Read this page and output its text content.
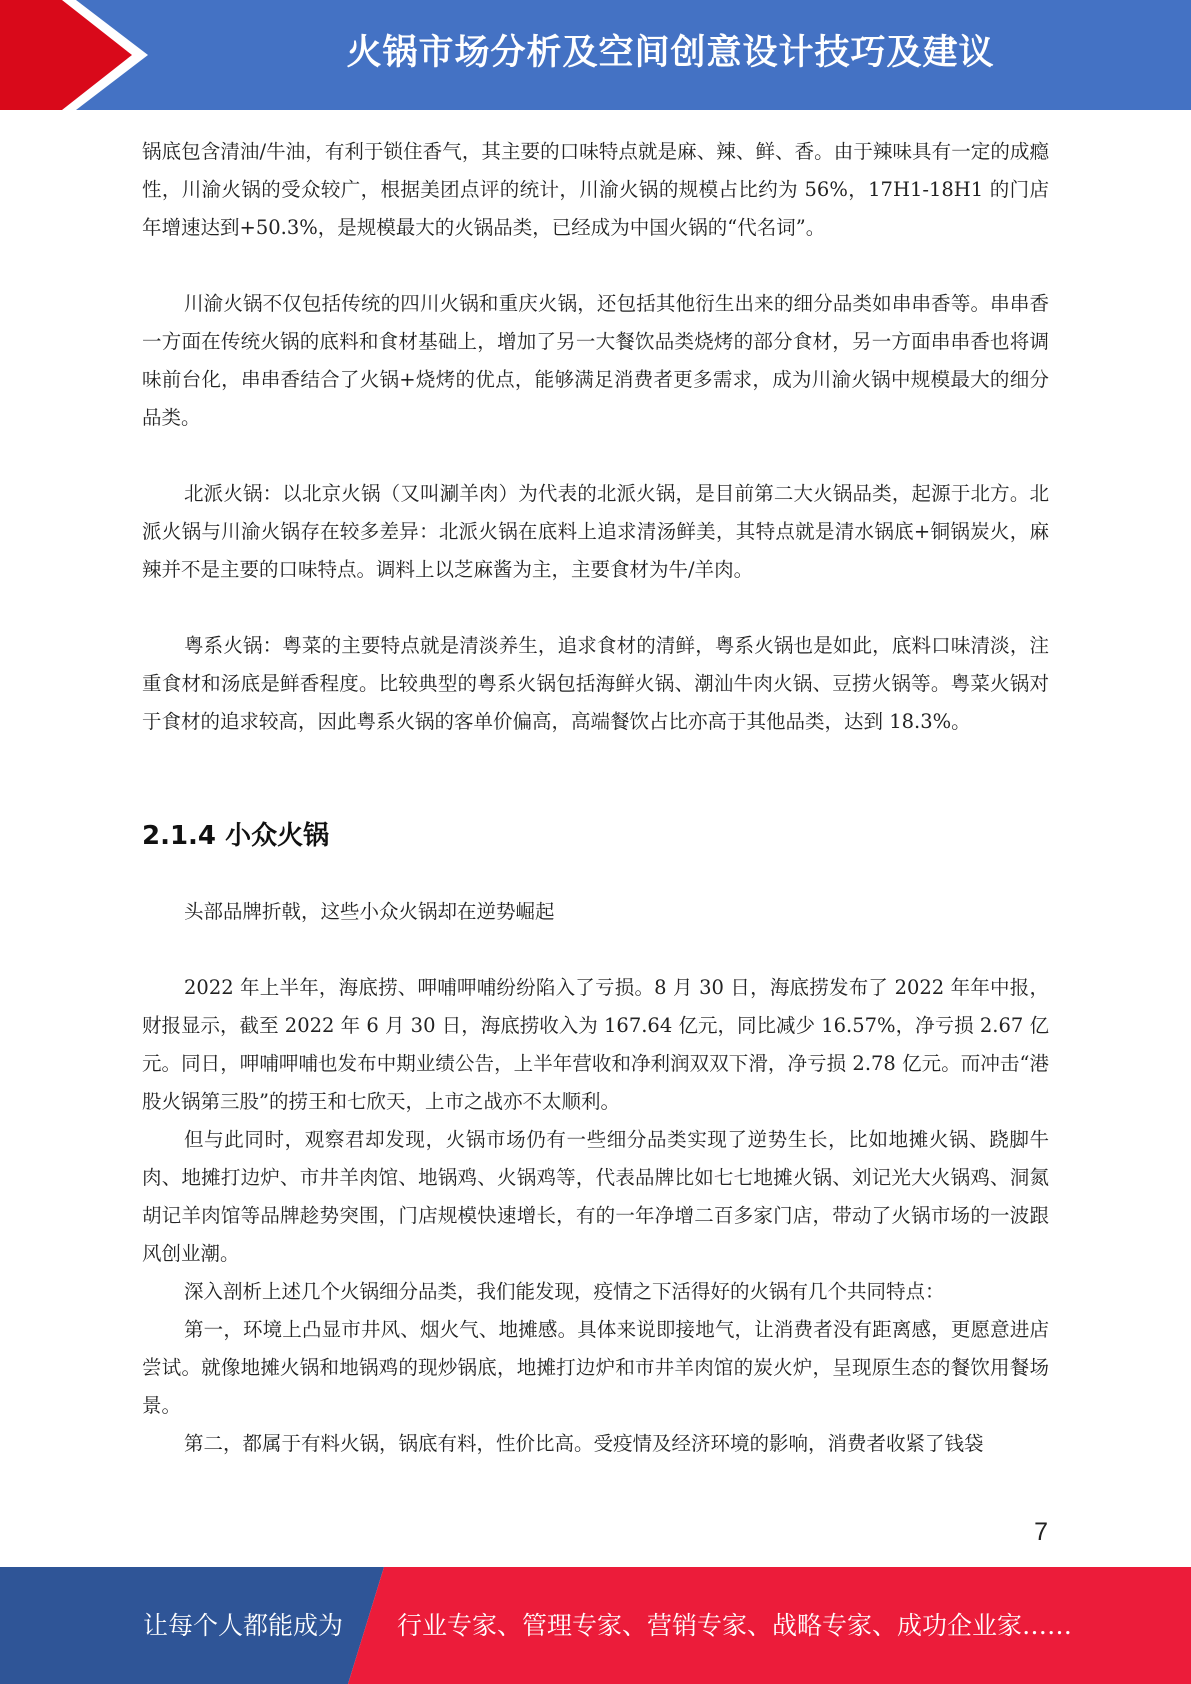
火锅市场分析及空间创意设计技巧及建议

锅底包含清油/牛油，有利于锁住香气，其主要的口味特点就是麻、辣、鲜、香。由于辣味具有一定的成瘾性，川渝火锅的受众较广，根据美团点评的统计，川渝火锅的规模占比约为 56%，17H1-18H1 的门店年增速达到+50.3%，是规模最大的火锅品类，已经成为中国火锅的“代名词”。

川渝火锅不仅包括传统的四川火锅和重庆火锅，还包括其他衍生出来的细分品类如串串香等。串串香一方面在传统火锅的底料和食材基础上，增加了另一大餐饮品类烧烤的部分食材，另一方面串串香也将调味前台化，串串香结合了火锅+烧烤的优点，能够满足消费者更多需求，成为川渝火锅中规模最大的细分品类。

北派火锅：以北京火锅（又叫涮羊肉）为代表的北派火锅，是目前第二大火锅品类，起源于北方。北派火锅与川渝火锅存在较多差异：北派火锅在底料上追求清汤鲜美，其特点就是清水锅底+铜锅炭火，麻辣并不是主要的口味特点。调料上以芝麻酱为主，主要食材为牛/羊肉。

粤系火锅：粤菜的主要特点就是清淡养生，追求食材的清鲜，粤系火锅也是如此，底料口味清淡，注重食材和汤底是鲜香程度。比较典型的粤系火锅包括海鲜火锅、潮汕牛肉火锅、豆捞火锅等。粤菜火锅对于食材的追求较高，因此粤系火锅的客单价偏高，高端餐饮占比亦高于其他品类，达到 18.3%。

2.1.4 小众火锅

头部品牌折戟，这些小众火锅却在逆势崛起

2022 年上半年，海底捞、呷哺呷哺纷纷陷入了亏损。8 月 30 日，海底捞发布了 2022 年年中报，财报显示，截至 2022 年 6 月 30 日，海底捞收入为 167.64 亿元，同比减少 16.57%，净亏损 2.67 亿元。同日，呷哺呷哺也发布中期业绩公告，上半年营收和净利润双双下滑，净亏损 2.78 亿元。而冲击“港股火锅第三股”的捞王和七欣天，上市之战亦不太顺利。

但与此同时，观察君却发现，火锅市场仍有一些细分品类实现了逆势生长，比如地摊火锅、跷脚牛肉、地摊打边炉、市井羊肉馆、地锅鸡、火锅鸡等，代表品牌比如七七地摊火锅、刘记光大火锅鸡、洞氮胡记羊肉馆等品牌趁势突围，门店规模快速增长，有的一年净增二百多家门店，带动了火锅市场的一波跟风创业潮。

深入剖析上述几个火锅细分品类，我们能发现，疫情之下活得好的火锅有几个共同特点：

第一，环境上凸显市井风、烟火气、地摊感。具体来说即接地气，让消费者没有距离感，更愿意进店尝试。就像地摊火锅和地锅鸡的现炒锅底，地摊打边炉和市井羊肉馆的炭火炉，呈现原生态的餐饮用餐场景。

第二，都属于有料火锅，锅底有料，性价比高。受疫情及经济环境的影响，消费者收紧了钱袋

7
让每个人都能成为 行业专家、管理专家、营销专家、战略专家、成功企业家……
